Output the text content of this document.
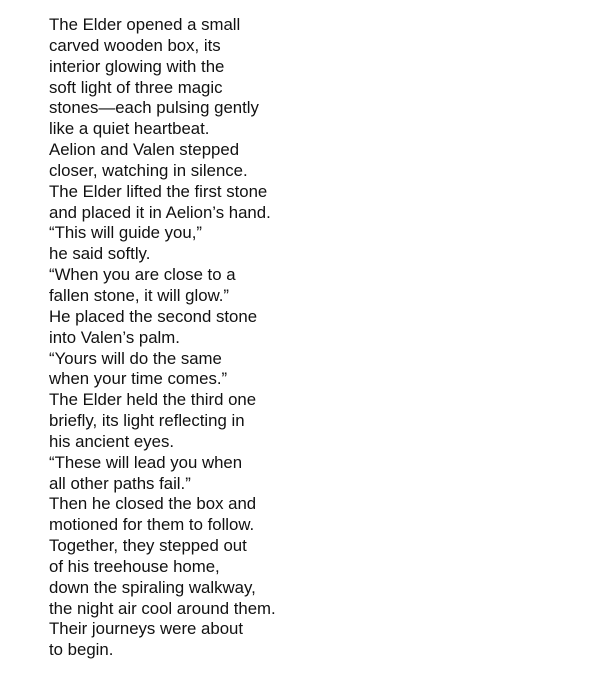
The Elder opened a small
carved wooden box, its
interior glowing with the
soft light of three magic
stones—each pulsing gently
like a quiet heartbeat.
Aelion and Valen stepped
closer, watching in silence.
The Elder lifted the first stone
and placed it in Aelion’s hand.
“This will guide you,”
he said softly.
“When you are close to a
fallen stone, it will glow.”
He placed the second stone
into Valen’s palm.
“Yours will do the same
when your time comes.”
The Elder held the third one
briefly, its light reflecting in
his ancient eyes.
“These will lead you when
all other paths fail.”
Then he closed the box and
motioned for them to follow.
Together, they stepped out
of his treehouse home,
down the spiraling walkway,
the night air cool around them.
Their journeys were about
to begin.
